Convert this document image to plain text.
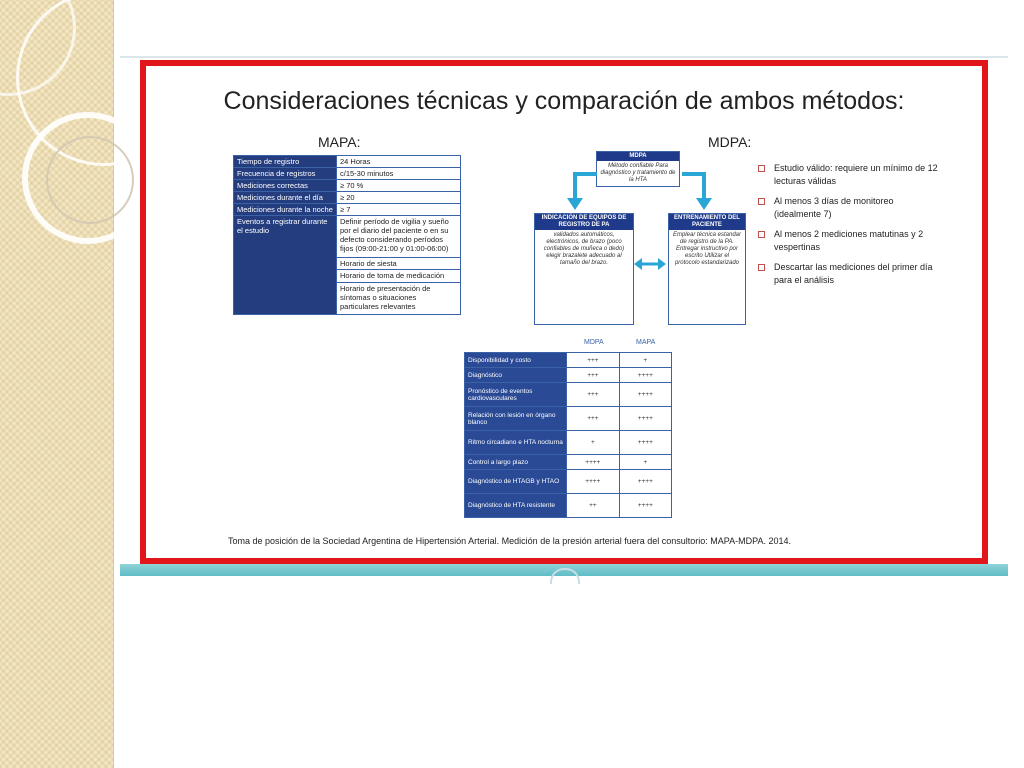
Consideraciones técnicas y comparación de ambos métodos:
MAPA:	MDPA:
Tiempo de registro	24 Horas
Frecuencia de registros	c/15-30 minutos
Mediciones correctas	≥ 70 %
Mediciones durante el día	≥ 20
Mediciones durante la noche	≥ 7
Eventos a registrar durante el estudio	Definir período de vigilia y sueño por el diario del paciente o en su defecto considerando períodos fijos (09:00-21:00 y 01:00-06:00)
	Horario de siesta
	Horario de toma de medicación
	Horario de presentación de síntomas o situaciones particulares relevantes
MDPA
Método confiable Para diagnóstico y tratamiento de la HTA
INDICACIÓN DE EQUIPOS DE REGISTRO DE PA
validados automáticos, electrónicos, de brazo (poco confiables de muñeca o dedo) elegir brazalete adecuado al tamaño del brazo.
ENTRENAMIENTO DEL PACIENTE
Emplear técnica estandar de registro de la PA. Entregar instructivo por escrito Utilizar el protocolo estandarizado
Estudio válido: requiere un mínimo de 12 lecturas válidas
Al menos 3 días de monitoreo (idealmente 7)
Al menos 2 mediciones matutinas y 2 vespertinas
Descartar las mediciones del primer día para el análisis
MDPA	MAPA
Disponibilidad y costo	+++	+
Diagnóstico	+++	++++
Pronóstico de eventos cardiovasculares	+++	++++
Relación con lesión en órgano blanco	+++	++++
Ritmo circadiano e HTA nocturna	+	++++
Control a largo plazo	++++	+
Diagnóstico de HTAGB y HTAO	++++	++++
Diagnóstico de HTA resistente	++	++++
Toma de posición de la Sociedad Argentina de Hipertensión Arterial. Medición de la presión arterial fuera del consultorio: MAPA-MDPA. 2014.
